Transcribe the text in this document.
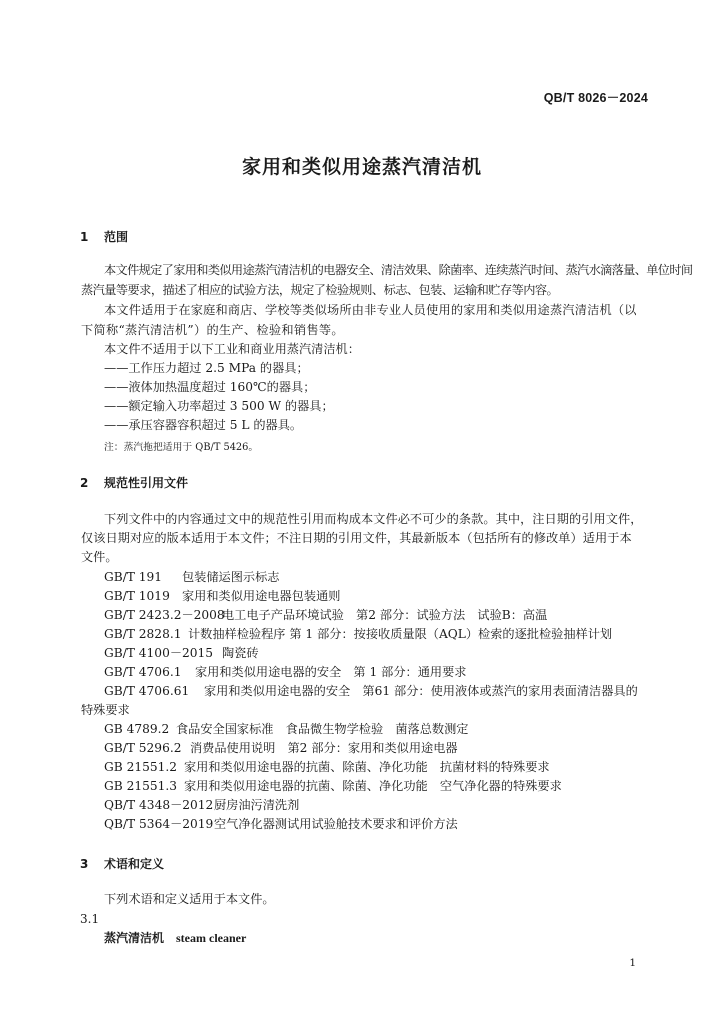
QB/T 8026－2024
家用和类似用途蒸汽清洁机
1 范围
本文件规定了家用和类似用途蒸汽清洁机的电器安全、清洁效果、除菌率、连续蒸汽时间、蒸汽水滴落量、单位时间
蒸汽量等要求，描述了相应的试验方法，规定了检验规则、标志、包装、运输和贮存等内容。
本文件适用于在家庭和商店、学校等类似场所由非专业人员使用的家用和类似用途蒸汽清洁机（以
下简称“蒸汽清洁机”）的生产、检验和销售等。
本文件不适用于以下工业和商业用蒸汽清洁机：
——工作压力超过 2.5 MPa 的器具；
——液体加热温度超过 160℃的器具；
——额定输入功率超过 3 500 W 的器具；
——承压容器容积超过 5 L 的器具。
注：蒸汽拖把适用于 QB/T 5426。
2 规范性引用文件
下列文件中的内容通过文中的规范性引用而构成本文件必不可少的条款。其中，注日期的引用文件，
仅该日期对应的版本适用于本文件；不注日期的引用文件，其最新版本（包括所有的修改单）适用于本
文件。
GB/T 191 包装储运图示标志
GB/T 1019 家用和类似用途电器包装通则
GB/T 2423.2－2008电工电子产品环境试验　第2 部分：试验方法　试验B：高温
GB/T 2828.1 计数抽样检验程序 第 1 部分：按接收质量限（AQL）检索的逐批检验抽样计划
GB/T 4100－2015 陶瓷砖
GB/T 4706.1 家用和类似用途电器的安全　第 1 部分：通用要求
GB/T 4706.61 家用和类似用途电器的安全　第61 部分：使用液体或蒸汽的家用表面清洁器具的
特殊要求
GB 4789.2 食品安全国家标准　食品微生物学检验　菌落总数测定
GB/T 5296.2 消费品使用说明　第2 部分：家用和类似用途电器
GB 21551.2 家用和类似用途电器的抗菌、除菌、净化功能　抗菌材料的特殊要求
GB 21551.3 家用和类似用途电器的抗菌、除菌、净化功能　空气净化器的特殊要求
QB/T 4348－2012厨房油污清洗剂
QB/T 5364－2019空气净化器测试用试验舱技术要求和评价方法
3 术语和定义
下列术语和定义适用于本文件。
3.1
蒸汽清洁机 steam cleaner
1
